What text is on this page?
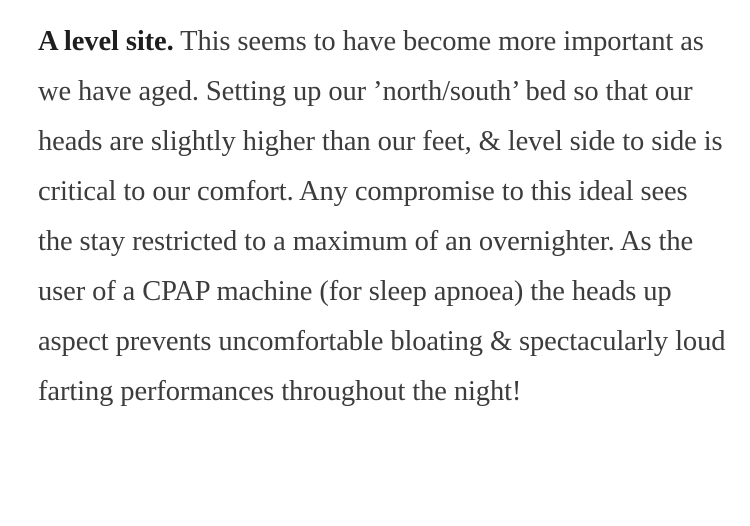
A level site. This seems to have become more important as we have aged. Setting up our ’north/south’ bed so that our heads are slightly higher than our feet, & level side to side is critical to our comfort. Any compromise to this ideal sees the stay restricted to a maximum of an overnighter. As the user of a CPAP machine (for sleep apnoea) the heads up aspect prevents uncomfortable bloating & spectacularly loud farting performances throughout the night!
